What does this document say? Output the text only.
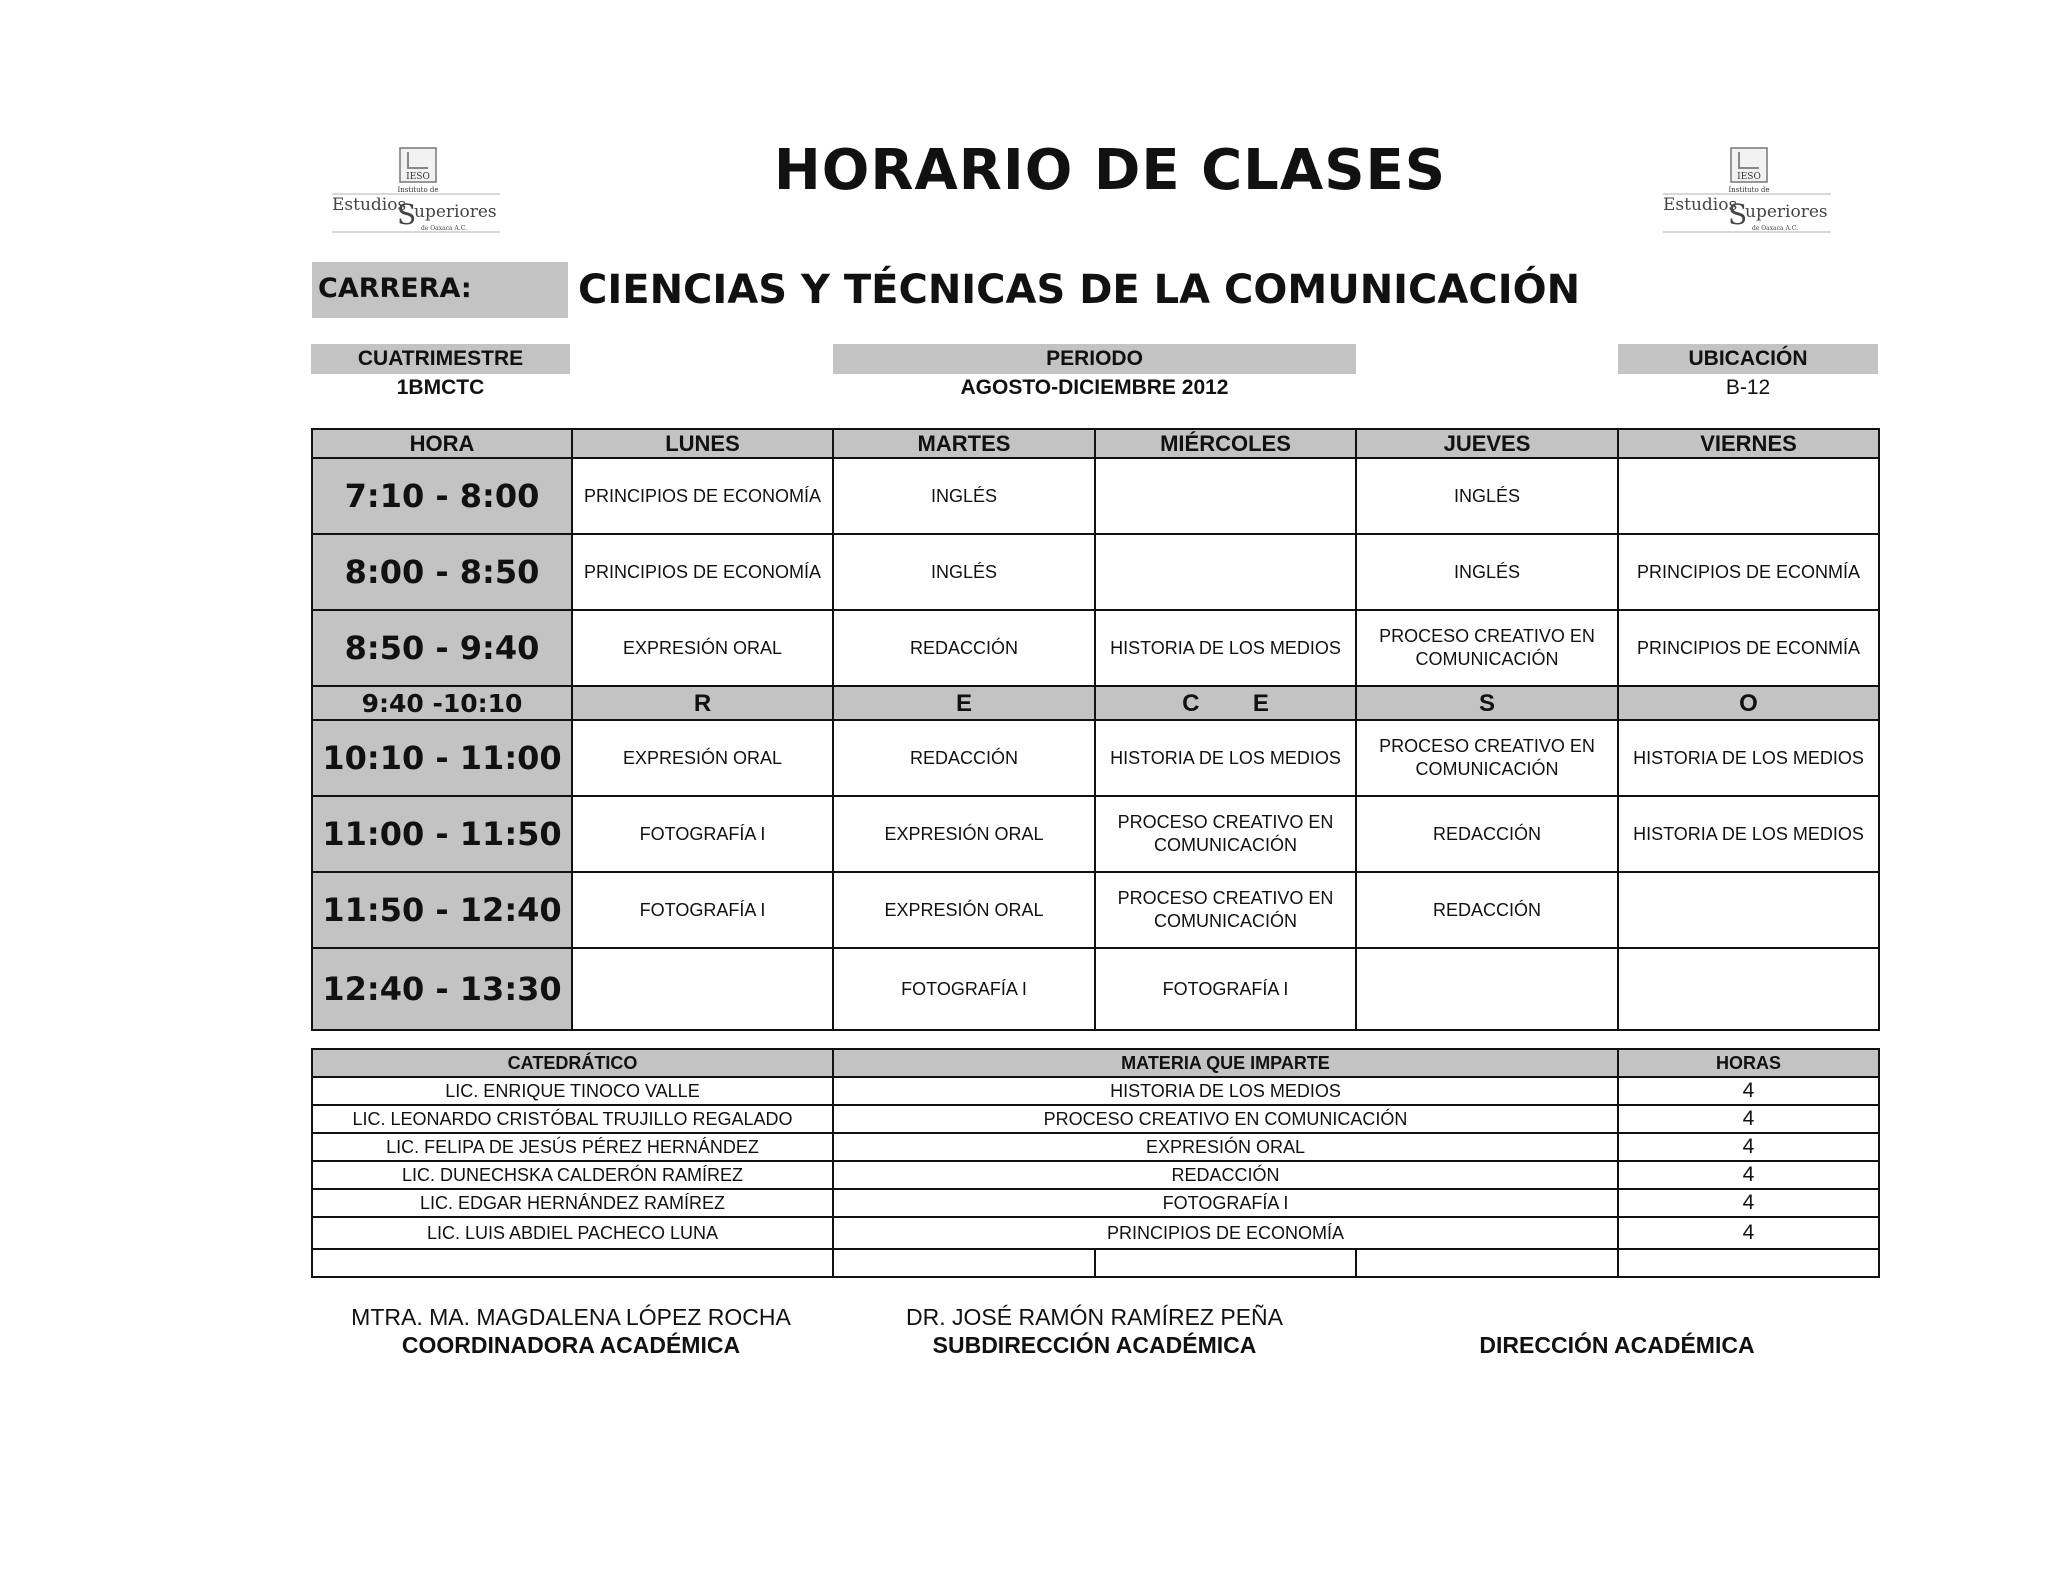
IESO
Instituto de
Estudios
S
uperiores
de Oaxaca A.C.
IESO
Instituto de
Estudios
S
uperiores
de Oaxaca A.C.
HORARIO DE CLASES
CARRERA:	CIENCIAS Y TÉCNICAS DE LA COMUNICACIÓN
CUATRIMESTRE
1BMCTC
PERIODO
AGOSTO-DICIEMBRE 2012
UBICACIÓN
B-12
HORA	LUNES	MARTES	MIÉRCOLES	JUEVES	VIERNES
7:10 - 8:00	PRINCIPIOS DE ECONOMÍA	INGLÉS		INGLÉS	
8:00 - 8:50	PRINCIPIOS DE ECONOMÍA	INGLÉS		INGLÉS	PRINCIPIOS DE ECONMÍA
8:50 - 9:40	EXPRESIÓN ORAL	REDACCIÓN	HISTORIA DE LOS MEDIOS	PROCESO CREATIVO EN COMUNICACIÓN	PRINCIPIOS DE ECONMÍA
9:40 -10:10	R	E	C        E	S	O
10:10 - 11:00	EXPRESIÓN ORAL	REDACCIÓN	HISTORIA DE LOS MEDIOS	PROCESO CREATIVO EN COMUNICACIÓN	HISTORIA DE LOS MEDIOS
11:00 - 11:50	FOTOGRAFÍA I	EXPRESIÓN ORAL	PROCESO CREATIVO EN COMUNICACIÓN	REDACCIÓN	HISTORIA DE LOS MEDIOS
11:50 - 12:40	FOTOGRAFÍA I	EXPRESIÓN ORAL	PROCESO CREATIVO EN COMUNICACIÓN	REDACCIÓN	
12:40 - 13:30		FOTOGRAFÍA I	FOTOGRAFÍA I		
CATEDRÁTICO	MATERIA QUE IMPARTE			HORAS
LIC. ENRIQUE TINOCO VALLE	HISTORIA DE LOS MEDIOS			4
LIC. LEONARDO CRISTÓBAL TRUJILLO REGALADO	PROCESO CREATIVO EN COMUNICACIÓN			4
LIC. FELIPA DE JESÚS PÉREZ HERNÁNDEZ	EXPRESIÓN ORAL			4
LIC. DUNECHSKA CALDERÓN RAMÍREZ	REDACCIÓN			4
LIC. EDGAR HERNÁNDEZ RAMÍREZ	FOTOGRAFÍA I			4
LIC. LUIS ABDIEL PACHECO LUNA	PRINCIPIOS DE ECONOMÍA			4

MTRA. MA. MAGDALENA LÓPEZ ROCHA
COORDINADORA ACADÉMICA
DR. JOSÉ RAMÓN RAMÍREZ PEÑA
SUBDIRECCIÓN ACADÉMICA	DIRECCIÓN ACADÉMICA
